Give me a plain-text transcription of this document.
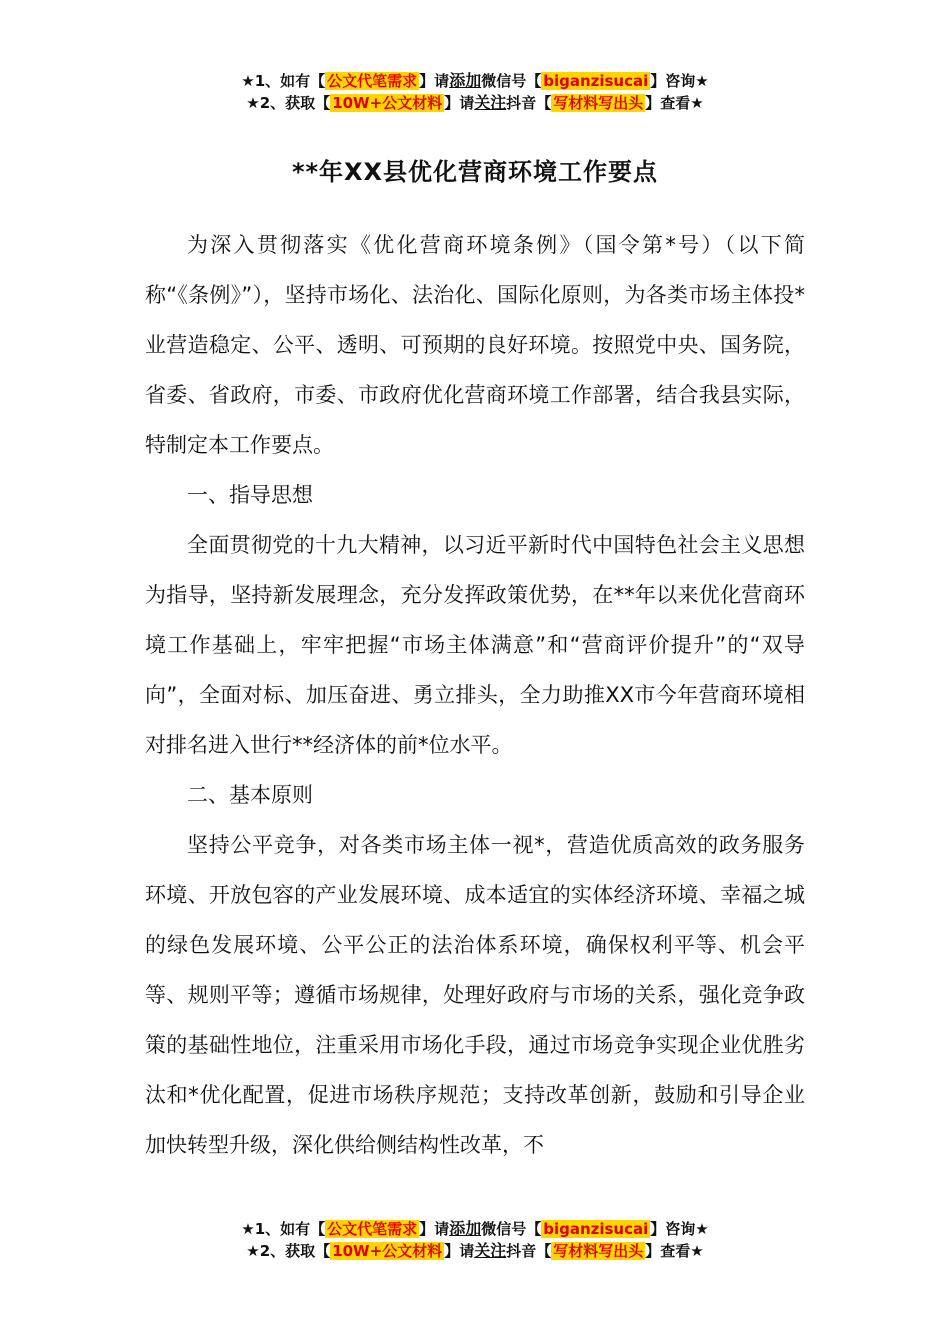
★1、如有【 公文代笔需求 】请添加微信号【 biganzisucai 】咨询★
★2、获取【 10W+公文材料 】请关注抖音【 写材料写出头 】查看★
**年XX县优化营商环境工作要点

为深入贯彻落实《优化营商环境条例》（国令第*号）（以下简称“《条例》”），坚持市场化、法治化、国际化原则，为各类市场主体投*业营造稳定、公平、透明、可预期的良好环境。按照党中央、国务院，省委、省政府，市委、市政府优化营商环境工作部署，结合我县实际，特制定本工作要点。

一、指导思想

全面贯彻党的十九大精神，以习近平新时代中国特色社会主义思想为指导，坚持新发展理念，充分发挥政策优势，在**年以来优化营商环境工作基础上，牢牢把握“市场主体满意”和“营商评价提升”的“双导向”，全面对标、加压奋进、勇立排头，全力助推XX市今年营商环境相对排名进入世行**经济体的前*位水平。

二、基本原则

坚持公平竞争，对各类市场主体一视*，营造优质高效的政务服务环境、开放包容的产业发展环境、成本适宜的实体经济环境、幸福之城的绿色发展环境、公平公正的法治体系环境，确保权利平等、机会平等、规则平等；遵循市场规律，处理好政府与市场的关系，强化竞争政策的基础性地位，注重采用市场化手段，通过市场竞争实现企业优胜劣汰和*优化配置，促进市场秩序规范；支持改革创新，鼓励和引导企业加快转型升级，深化供给侧结构性改革，不

★1、如有【 公文代笔需求 】请添加微信号【 biganzisucai 】咨询★
★2、获取【 10W+公文材料 】请关注抖音【 写材料写出头 】查看★
